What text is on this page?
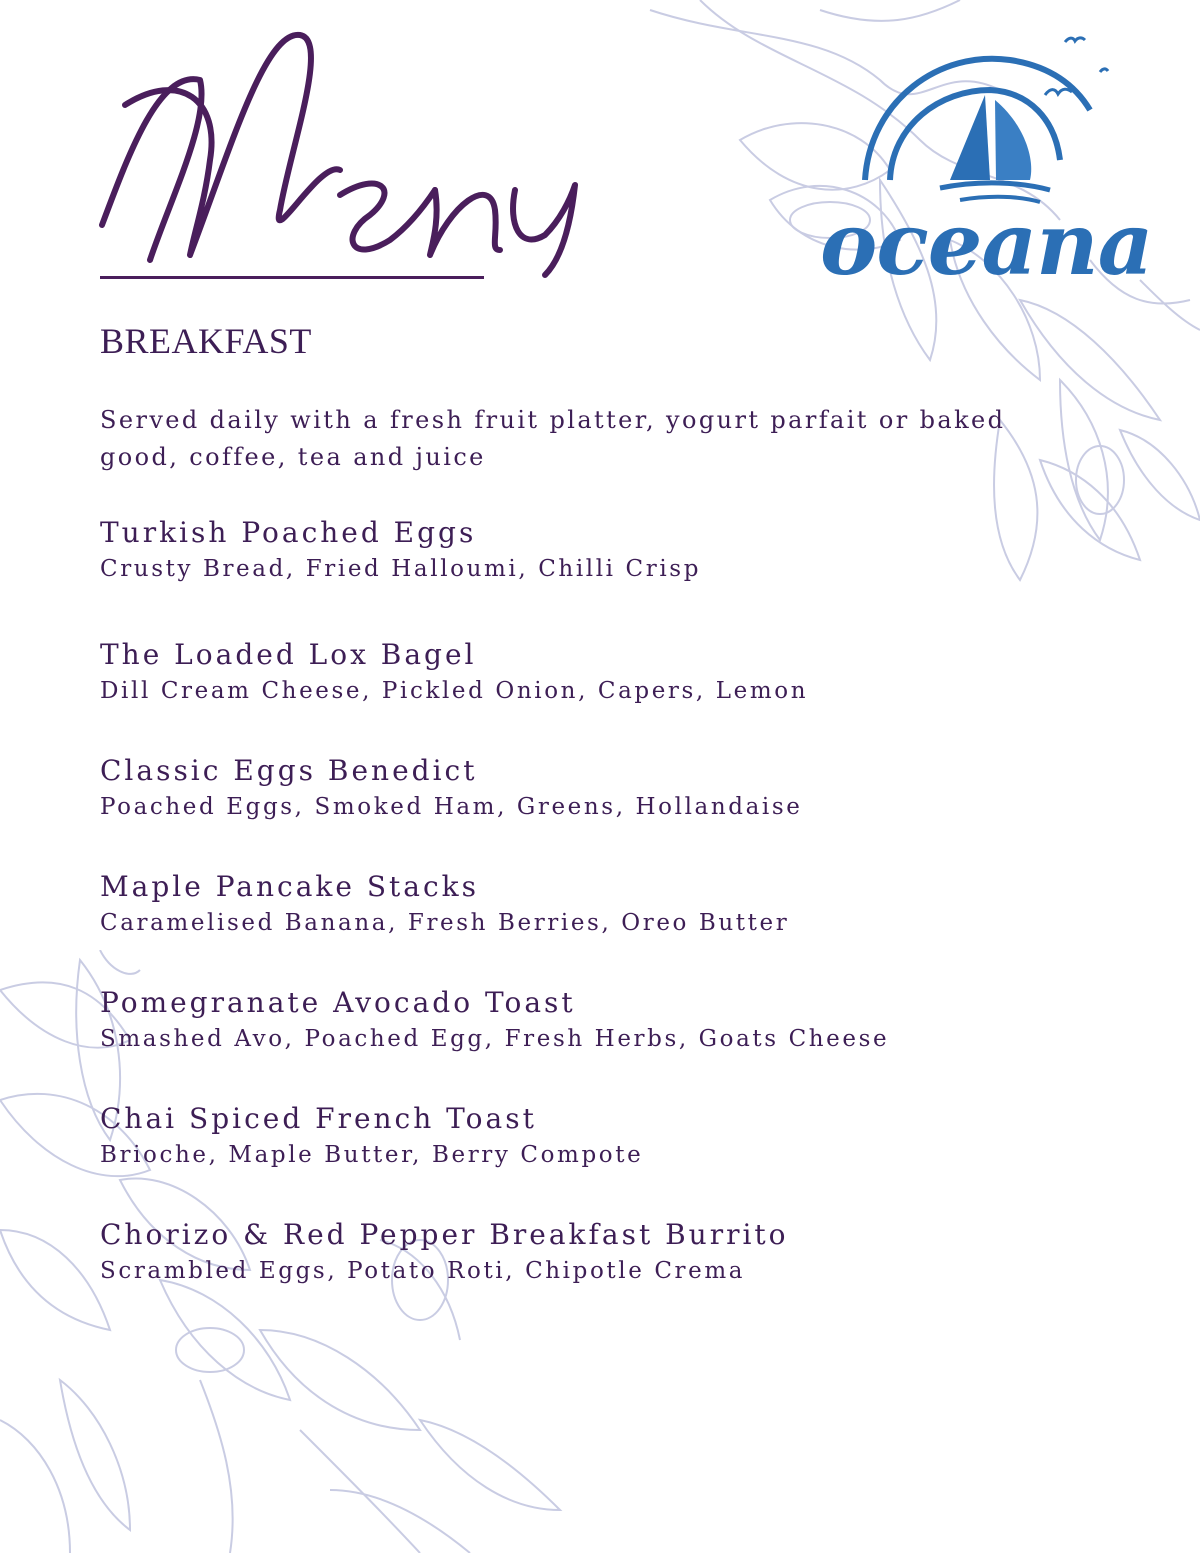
oceana
BREAKFAST
Served daily with a fresh fruit platter, yogurt parfait or baked good, coffee, tea and juice
Turkish Poached Eggs
Crusty Bread, Fried Halloumi, Chilli Crisp
The Loaded Lox Bagel
Dill Cream Cheese, Pickled Onion, Capers, Lemon
Classic Eggs Benedict
Poached Eggs, Smoked Ham, Greens, Hollandaise
Maple Pancake Stacks
Caramelised Banana, Fresh Berries, Oreo Butter
Pomegranate Avocado Toast
Smashed Avo, Poached Egg, Fresh Herbs, Goats Cheese
Chai Spiced French Toast
Brioche, Maple Butter, Berry Compote
Chorizo & Red Pepper Breakfast Burrito
Scrambled Eggs, Potato Roti, Chipotle Crema
